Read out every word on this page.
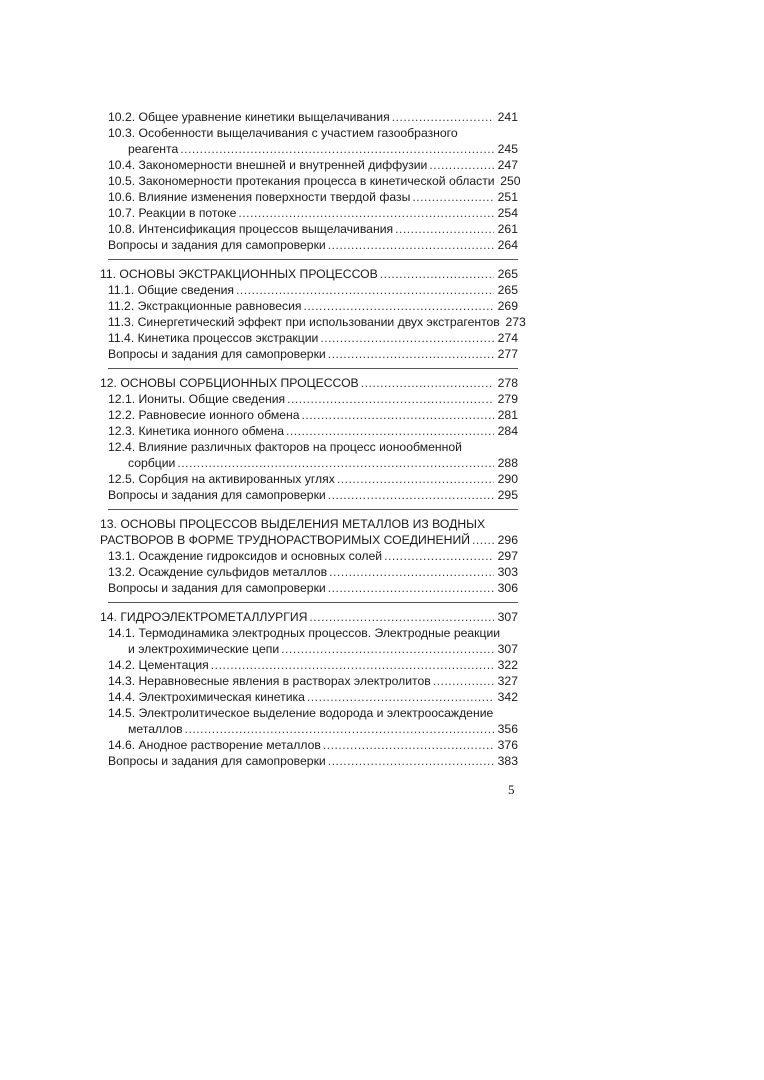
10.2. Общее уравнение кинетики выщелачивания .....	241
10.3. Особенности выщелачивания с участием газообразного
реагента .....	245
10.4. Закономерности внешней и внутренней диффузии .....	247
10.5. Закономерности протекания процесса в кинетической области 250
10.6. Влияние изменения поверхности твердой фазы .....	251
10.7. Реакции в потоке .....	254
10.8. Интенсификация процессов выщелачивания .....	261
Вопросы и задания для самопроверки .....	264
11. ОСНОВЫ ЭКСТРАКЦИОННЫХ ПРОЦЕССОВ .....	265
11.1. Общие сведения .....	265
11.2. Экстракционные равновесия .....	269
11.3. Синергетический эффект при использовании двух экстрагентов 273
11.4. Кинетика процессов экстракции .....	274
Вопросы и задания для самопроверки .....	277
12. ОСНОВЫ СОРБЦИОННЫХ ПРОЦЕССОВ .....	278
12.1. Иониты. Общие сведения .....	279
12.2. Равновесие ионного обмена .....	281
12.3. Кинетика ионного обмена .....	284
12.4. Влияние различных факторов на процесс ионообменной
сорбции .....	288
12.5. Сорбция на активированных углях .....	290
Вопросы и задания для самопроверки .....	295
13. ОСНОВЫ ПРОЦЕССОВ ВЫДЕЛЕНИЯ МЕТАЛЛОВ ИЗ ВОДНЫХ
РАСТВОРОВ В ФОРМЕ ТРУДНОРАСТВОРИМЫХ СОЕДИНЕНИЙ ..... 296
13.1. Осаждение гидроксидов и основных солей .....	297
13.2. Осаждение сульфидов металлов .....	303
Вопросы и задания для самопроверки .....	306
14. ГИДРОЭЛЕКТРОМЕТАЛЛУРГИЯ .....	307
14.1. Термодинамика электродных процессов. Электродные реакции
и электрохимические цепи .....	307
14.2. Цементация .....	322
14.3. Неравновесные явления в растворах электролитов .....	327
14.4. Электрохимическая кинетика .....	342
14.5. Электролитическое выделение водорода и электроосаждение
металлов .....	356
14.6. Анодное растворение металлов .....	376
Вопросы и задания для самопроверки .....	383
5
